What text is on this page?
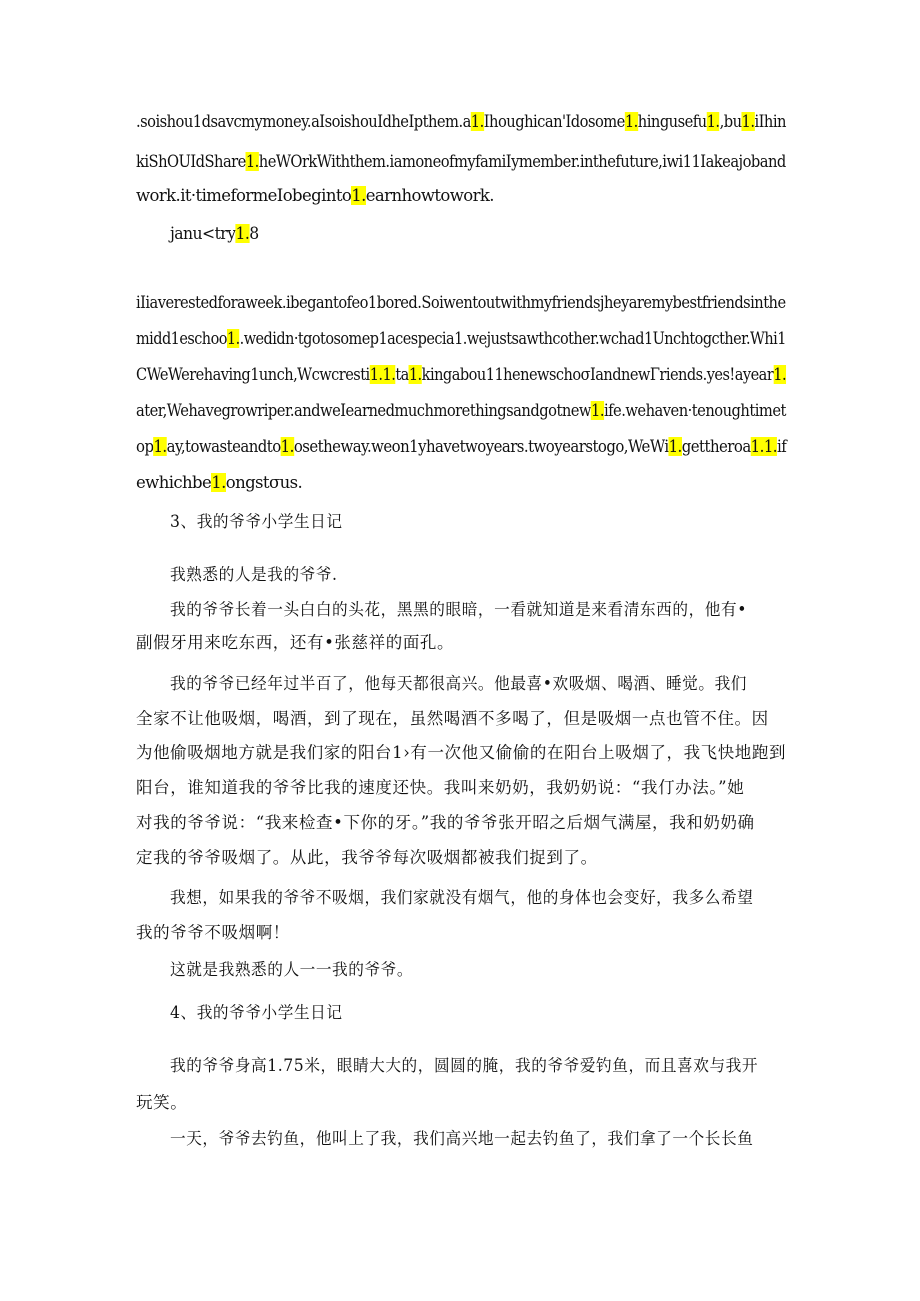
.soishou1dsavcmymoney.aIsoishouIdheIpthem.a1.Ihoughican'Idosome1.hingusefu1.,bu1.iIhin
kiShOUIdShare1.heWOrkWiththem.iamoneofmyfamiIymember.inthefuture,iwi11Iakeajoband
work.it·timeformeIobeginto1.earnhowtowork.
janu<try1.8
iIiaverestedforaweek.ibegantofeo1bored.Soiwentoutwithmyfriendsjheyaremybestfriendsinthe
midd1eschoo1..wedidn·tgotosomep1acespecia1.wejustsawthcother.wchad1Unchtogcther.Whi1
CWeWerehaving1unch,Wcwcresti1.1.ta1.kingabou11henewschoσIandnewΓriends.yes!ayear1.
ater,Wehavegrowriper.andweIearnedmuchmorethingsandgotnew1.ife.wehaven·tenoughtimet
op1.ay,towasteandto1.osetheway.weon1yhavetwoyears.twoyearstogo,WeWi1.gettheroa1.1.if
ewhichbe1.ongstσus.
3、我的爷爷小学生日记
我熟悉的人是我的爷爷.
我的爷爷长着一头白白的头花，黑黑的眼暗，一看就知道是来看清东西的，他有•
副假牙用来吃东西，还有•张慈祥的面孔。
我的爷爷已经年过半百了，他每天都很高兴。他最喜•欢吸烟、喝酒、睡觉。我们
全家不让他吸烟，喝酒，到了现在，虽然喝酒不多喝了，但是吸烟一点也管不住。因
为他偷吸烟地方就是我们家的阳台1›有一次他又偷偷的在阳台上吸烟了，我飞快地跑到
阳台，谁知道我的爷爷比我的速度还快。我叫来奶奶，我奶奶说：“我仃办法。”她
对我的爷爷说：“我来检查•下你的牙。”我的爷爷张开昭之后烟气满屋，我和奶奶确
定我的爷爷吸烟了。从此，我爷爷每次吸烟都被我们捉到了。
我想，如果我的爷爷不吸烟，我们家就没有烟气，他的身体也会变好，我多么希望
我的爷爷不吸烟啊！
这就是我熟悉的人一一我的爷爷。
4、我的爷爷小学生日记
我的爷爷身高1.75米，眼睛大大的，圆圆的腌，我的爷爷爱钓鱼，而且喜欢与我开
玩笑。
一天，爷爷去钓鱼，他叫上了我，我们高兴地一起去钓鱼了，我们拿了一个长长鱼
